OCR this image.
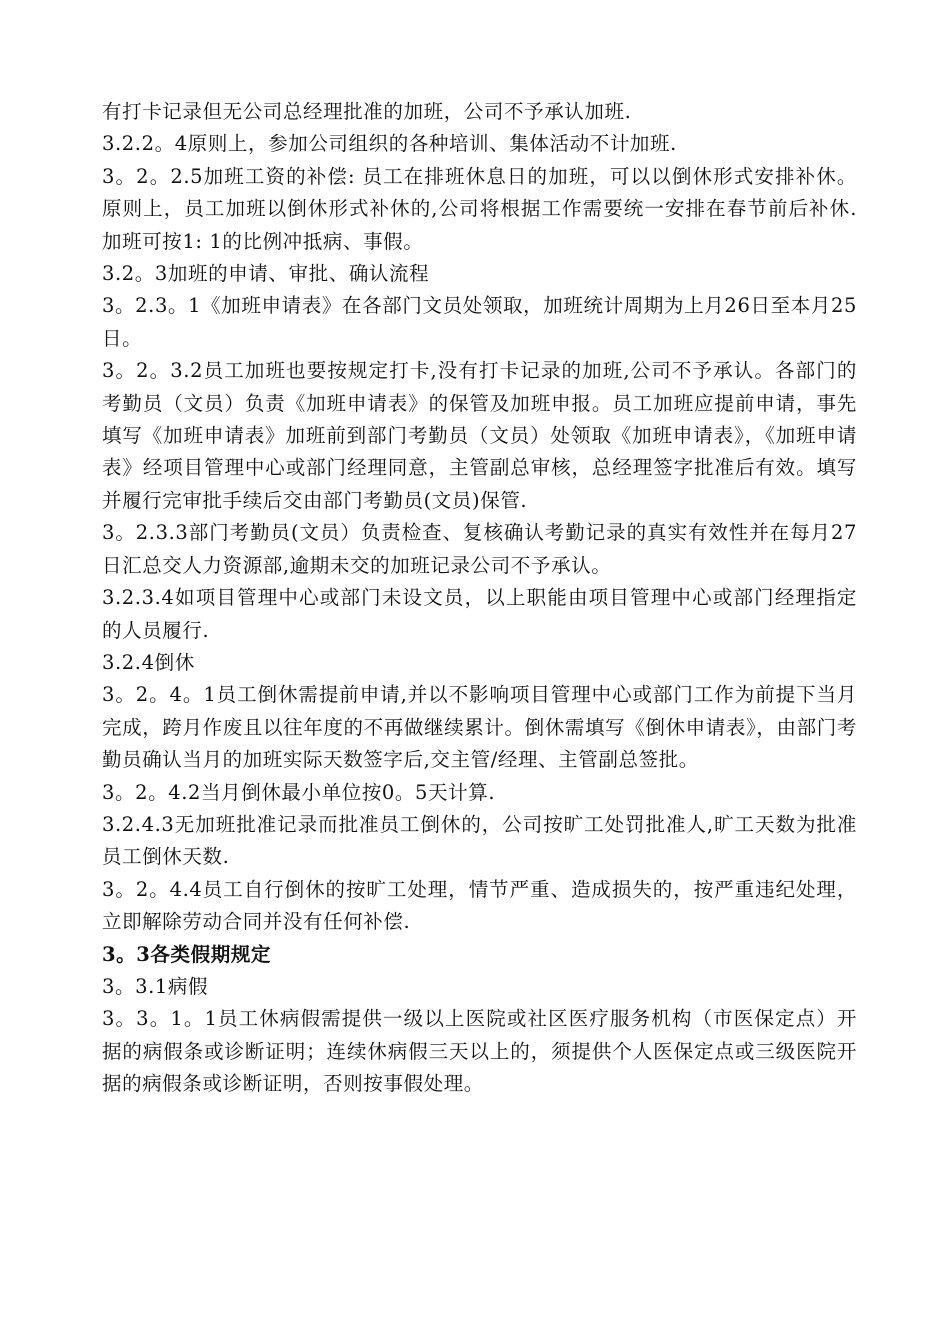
有打卡记录但无公司总经理批准的加班，公司不予承认加班.

3.2.2。4原则上，参加公司组织的各种培训、集体活动不计加班.

3。2。2.5加班工资的补偿: 员工在排班休息日的加班，可以以倒休形式安排补休。原则上，员工加班以倒休形式补休的,公司将根据工作需要统一安排在春节前后补休.加班可按1: 1的比例冲抵病、事假。

3.2。3加班的申请、审批、确认流程

3。2.3。1《加班申请表》在各部门文员处领取，加班统计周期为上月26日至本月25日。

3。2。3.2员工加班也要按规定打卡,没有打卡记录的加班,公司不予承认。各部门的考勤员（文员）负责《加班申请表》的保管及加班申报。员工加班应提前申请，事先填写《加班申请表》加班前到部门考勤员（文员）处领取《加班申请表》，《加班申请表》经项目管理中心或部门经理同意，主管副总审核，总经理签字批准后有效。填写并履行完审批手续后交由部门考勤员(文员)保管.

3。2.3.3部门考勤员(文员）负责检查、复核确认考勤记录的真实有效性并在每月27日汇总交人力资源部,逾期未交的加班记录公司不予承认。

3.2.3.4如项目管理中心或部门未设文员，以上职能由项目管理中心或部门经理指定的人员履行.

3.2.4倒休

3。2。4。1员工倒休需提前申请,并以不影响项目管理中心或部门工作为前提下当月完成，跨月作废且以往年度的不再做继续累计。倒休需填写《倒休申请表》，由部门考勤员确认当月的加班实际天数签字后,交主管/经理、主管副总签批。

3。2。4.2当月倒休最小单位按0。5天计算.

3.2.4.3无加班批准记录而批准员工倒休的，公司按旷工处罚批准人,旷工天数为批准员工倒休天数.

3。2。4.4员工自行倒休的按旷工处理，情节严重、造成损失的，按严重违纪处理，立即解除劳动合同并没有任何补偿.

3。3各类假期规定

3。3.1病假

3。3。1。1员工休病假需提供一级以上医院或社区医疗服务机构（市医保定点）开据的病假条或诊断证明；连续休病假三天以上的，须提供个人医保定点或三级医院开据的病假条或诊断证明，否则按事假处理。
